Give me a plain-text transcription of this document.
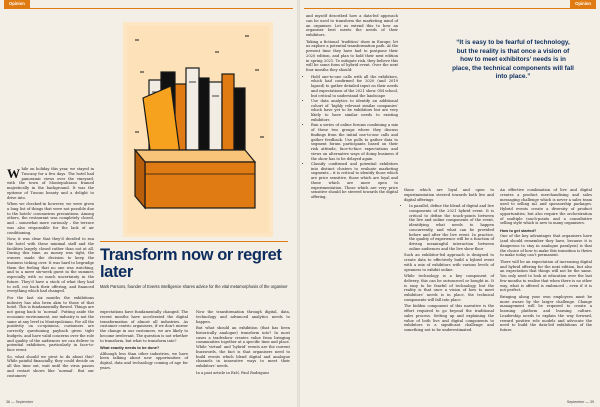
Opinion	Opinion

While on holiday this year, we stayed in Tuscany for a few days. The hotel had panoramic views over the vineyard, with the town of Montepulciano framed majestically in the background. It was the epitome of Tuscan beauty and a delight to drive into.

When we checked-in however, we were given a long list of things that were not possible due to the hotels’ coronavirus precautions. Among others, the restaurant was completely closed, and – somewhat more curiously – the terrace was also responsible for the lack of air conditioning.

Now, it was clear that they’d decided to run the hotel with these minimal staff and the facilities largely closed rather than not at all. During this time, as money was tight, the owners made the decision to keep the business ticking over. It was hard to begrudge them the feeling that no one was watching, and to a mere six-week guest in the summer, especially with so much uncertainty in the future. They’d have a stock of what they had to sell, cut back their offering, and financed everything which had changed.

For the last six months the exhibitions industry has also been akin to those of that hotel. This is fundamentally flawed. Things are not going back to ‘normal’. Putting aside the economic environment, our industry is not the same at any level in Montepulciano. For all the positivity on co-opinions, customers are correctly questioning payback given tight budgets, and have valid concerns over the role and quality of the audiences we can deliver to potential exhibitors, particularly in face-to-face event.

So, what should we pivot to do about this? While painful financially, they could decide on all this time out, wait until the virus passes and restart shows like ‘normal’. But our customers’

Transform now or regret later

Mark Parsons, founder of Events Intelligence shares advice for the vital metamorphosis of the organiser

expectations have fundamentally changed. The recent months have accelerated the digital transformation of almost all industries. As customer centric organisers, if we don’t mirror the change in our customers, we are likely to become irrelevant. The question is not whether to transform, but what to transform into?

What exactly needs to be done?

Although less than other industries, we have been talking about new opportunities of digital, data and technology coming of age for years.

Now the transformation through digital, data, technology and advanced analytics needs to happen.

But what should an exhibition (that has been historically analogue) transform into? In most cases a tradeshow creates value from bringing communities together at a specific time and place. While ‘virtual’ and ‘hybrid’ events are the current buzzwords, the fact is that organisers need to build events which blend digital and analogue channels in innovative ways to meet their exhibitors’ needs.

In a past article in ExN, Paul Rodriguez

and myself described how a data-led approach can be used to transform the marketing mind of an organiser. Let us extend this to how an organiser best meets the needs of their exhibitors.

Taking a fictional ‘tradition’ show in Europe, let us explore a potential transformation path. At the present time they have had to postpone their 2020 edition, and plan to hold their next edition in spring 2021. To mitigate risk, they believe this will be some form of hybrid event. Over the next four months they should:

• Hold one-to-one calls with all the exhibitors, which had confirmed for 2020 (and 2019 lapsed) to gather detailed input on their needs and expectations of the 2021 show. Old school, but critical to understand the landscape
• Use data analytics to identify an additional cohort of ‘highly relevant similar companies’ which have yet to be exhibitors but are very likely to have similar needs to existing exhibitors
• Run a series of online forums combining a mix of these two groups where they discuss findings from the initial one-to-one calls and gather feedback. Use polls to gather data to segment forum participants based on their risk attitude, face-to-face expectations and views on alternative ways of doing business if the show has to be delayed again
• Classify confirmed and potential exhibitors into distinct clusters to evaluate marketing segments – it is critical to identify those which are price sensitive, those which are loyal and those which are more open to experimentation. Those which are very price sensitive should be steered towards the digital offering,
“It is easy to be fearful of technology, but the reality is that once a vision of how to meet exhibitors’ needs is in place, the technical components will fall into place.”

those which are loyal and open to experimentation steered towards both live and digital offerings

• In parallel, define the blend of digital and live components of the 2021 hybrid event. It is critical to define the touch-points between the live and online components of the event, identifying what needs to happen concurrently, and what can be provided before and after the live event. In practice, the quality of experience will be a function of driving meaningful interaction between online audiences and the live show floor

Such an exhibitor-led approach is designed to create data to effectively build a hybrid event with a mix of exhibitors with various levels of openness to exhibit online.

While technology is a key component of delivery, this can be outsourced or bought in. It is easy to be fearful of technology, but the reality is that once a vision of how to meet exhibitors’ needs is in place, the technical components will fall into place.

The hidden component of this narrative is the effort required to go beyond the traditional sales process. Setting up and explaining the value of both live and digital components to exhibitors is a significant challenge and something not to be underestimated.

An effective combination of live and digital creates a product merchandising and sales messaging challenge which is never a sales team used to selling m2 and sponsorship packages. Hybrid events create a diversity of product opportunities, but also require the orchestration of multiple touch-points and a consultative selling style which is new to many organisers.

How to get started?

One of the key advantages that organisers have (and should remember they have, because it is dangerous to stay in analogue paralysis) is that the choice of how to make this transition is theirs to make today can’t permanent.

There will be an expectation of increasing digital and hybrid offering for the next edition, but also an expectation that things will not be the same. You only need to look at education over the last few months to realise that when there is no other way, what is offered is embraced – even if it is not perfect.

Bringing along your own employees must be more aware by the larger challenge. Change management will be required to create a learning platform and learning culture. Leadership needs to explain the way forward, reward positive role models and advocate the need to build the data-led exhibitions of the future.

36 — September	September — 39
